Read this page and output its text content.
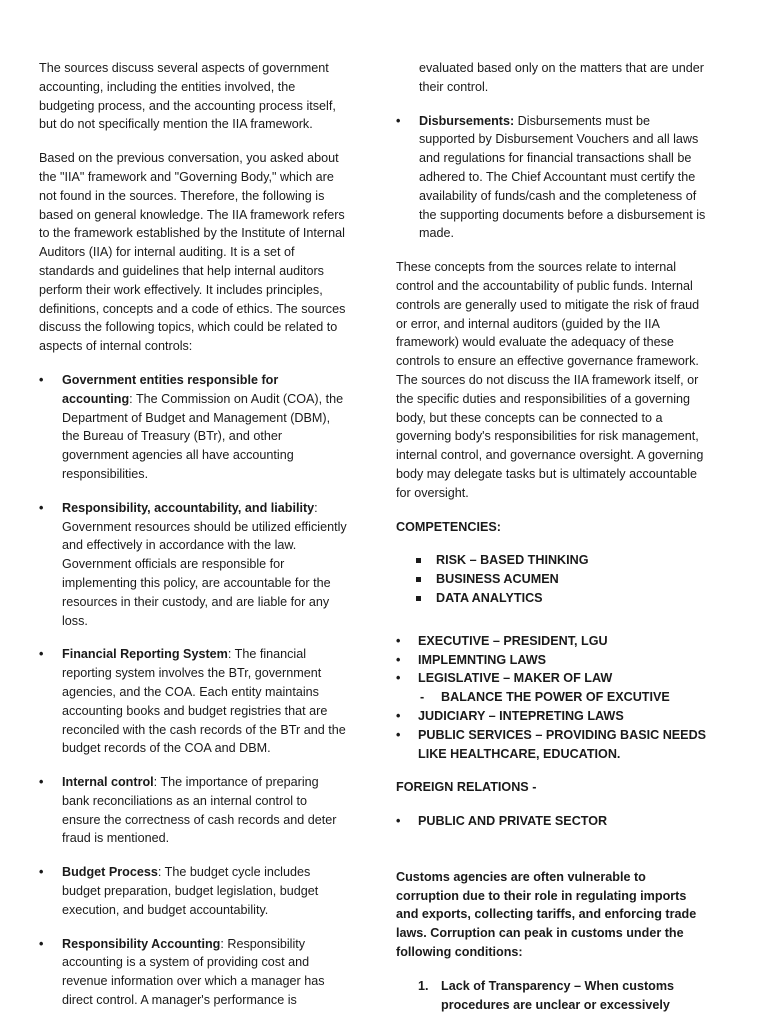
The sources discuss several aspects of government accounting, including the entities involved, the budgeting process, and the accounting process itself, but do not specifically mention the IIA framework.

Based on the previous conversation, you asked about the "IIA" framework and "Governing Body," which are not found in the sources. Therefore, the following is based on general knowledge. The IIA framework refers to the framework established by the Institute of Internal Auditors (IIA) for internal auditing. It is a set of standards and guidelines that help internal auditors perform their work effectively. It includes principles, definitions, concepts and a code of ethics. The sources discuss the following topics, which could be related to aspects of internal controls:

• Government entities responsible for accounting: The Commission on Audit (COA), the Department of Budget and Management (DBM), the Bureau of Treasury (BTr), and other government agencies all have accounting responsibilities.
• Responsibility, accountability, and liability: Government resources should be utilized efficiently and effectively in accordance with the law. Government officials are responsible for implementing this policy, are accountable for the resources in their custody, and are liable for any loss.
• Financial Reporting System: The financial reporting system involves the BTr, government agencies, and the COA. Each entity maintains accounting books and budget registries that are reconciled with the cash records of the BTr and the budget records of the COA and DBM.
• Internal control: The importance of preparing bank reconciliations as an internal control to ensure the correctness of cash records and deter fraud is mentioned.
• Budget Process: The budget cycle includes budget preparation, budget legislation, budget execution, and budget accountability.
• Responsibility Accounting: Responsibility accounting is a system of providing cost and revenue information over which a manager has direct control. A manager's performance is
evaluated based only on the matters that are under their control.
• Disbursements: Disbursements must be supported by Disbursement Vouchers and all laws and regulations for financial transactions shall be adhered to. The Chief Accountant must certify the availability of funds/cash and the completeness of the supporting documents before a disbursement is made.

These concepts from the sources relate to internal control and the accountability of public funds. Internal controls are generally used to mitigate the risk of fraud or error, and internal auditors (guided by the IIA framework) would evaluate the adequacy of these controls to ensure an effective governance framework. The sources do not discuss the IIA framework itself, or the specific duties and responsibilities of a governing body, but these concepts can be connected to a governing body's responsibilities for risk management, internal control, and governance oversight. A governing body may delegate tasks but is ultimately accountable for oversight.

COMPETENCIES:
RISK – BASED THINKING
BUSINESS ACUMEN
DATA ANALYTICS
• EXECUTIVE – PRESIDENT, LGU
• IMPLEMNTING LAWS
• LEGISLATIVE – MAKER OF LAW
- BALANCE THE POWER OF EXCUTIVE
• JUDICIARY – INTEPRETING LAWS
• PUBLIC SERVICES – PROVIDING BASIC NEEDS LIKE HEALTHCARE, EDUCATION.
FOREIGN RELATIONS -
• PUBLIC AND PRIVATE SECTOR

Customs agencies are often vulnerable to corruption due to their role in regulating imports and exports, collecting tariffs, and enforcing trade laws. Corruption can peak in customs under the following conditions:

1. Lack of Transparency – When customs procedures are unclear or excessively
